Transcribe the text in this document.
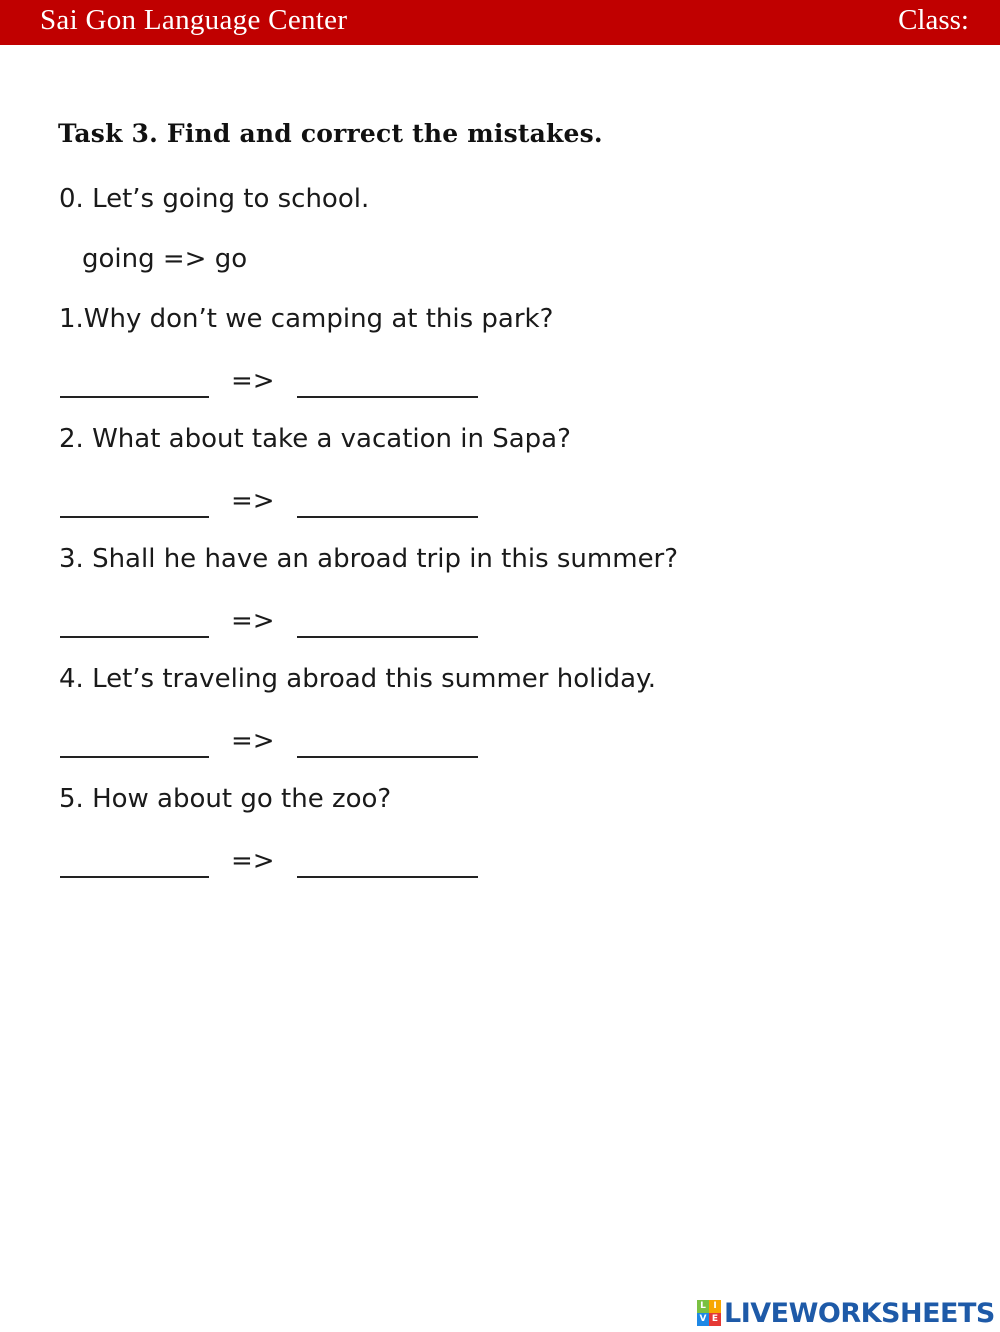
Sai Gon Language Center	Class:
Task 3. Find and correct the mistakes.
0. Let’s going to school.
going => go
1.Why don’t we camping at this park?
=>
2. What about take a vacation in Sapa?
=>
3. Shall he have an abroad trip in this summer?
=>
4. Let’s traveling abroad this summer holiday.
=>
5. How about go the zoo?
=>
L I
V E LIVEWORKSHEETS
